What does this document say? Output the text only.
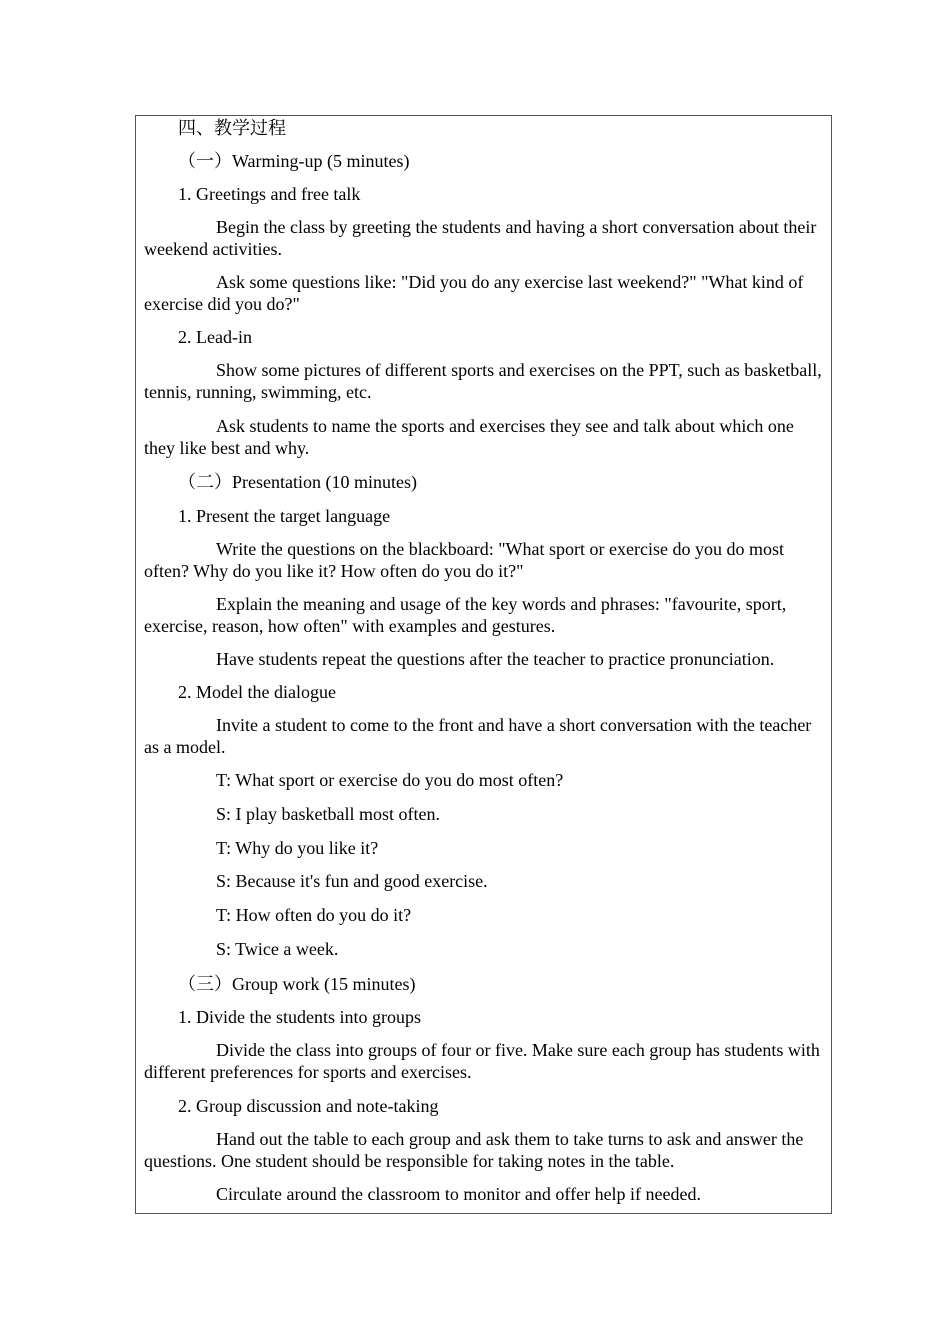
四、教学过程
（一）Warming-up (5 minutes)
1. Greetings and free talk
Begin the class by greeting the students and having a short conversation about their weekend activities.
Ask some questions like: "Did you do any exercise last weekend?" "What kind of exercise did you do?"
2. Lead-in
Show some pictures of different sports and exercises on the PPT, such as basketball, tennis, running, swimming, etc.
Ask students to name the sports and exercises they see and talk about which one they like best and why.
（二）Presentation (10 minutes)
1. Present the target language
Write the questions on the blackboard: "What sport or exercise do you do most often? Why do you like it? How often do you do it?"
Explain the meaning and usage of the key words and phrases: "favourite, sport, exercise, reason, how often" with examples and gestures.
Have students repeat the questions after the teacher to practice pronunciation.
2. Model the dialogue
Invite a student to come to the front and have a short conversation with the teacher as a model.
T: What sport or exercise do you do most often?
S: I play basketball most often.
T: Why do you like it?
S: Because it's fun and good exercise.
T: How often do you do it?
S: Twice a week.
（三）Group work (15 minutes)
1. Divide the students into groups
Divide the class into groups of four or five. Make sure each group has students with different preferences for sports and exercises.
2. Group discussion and note-taking
Hand out the table to each group and ask them to take turns to ask and answer the questions. One student should be responsible for taking notes in the table.
Circulate around the classroom to monitor and offer help if needed.
